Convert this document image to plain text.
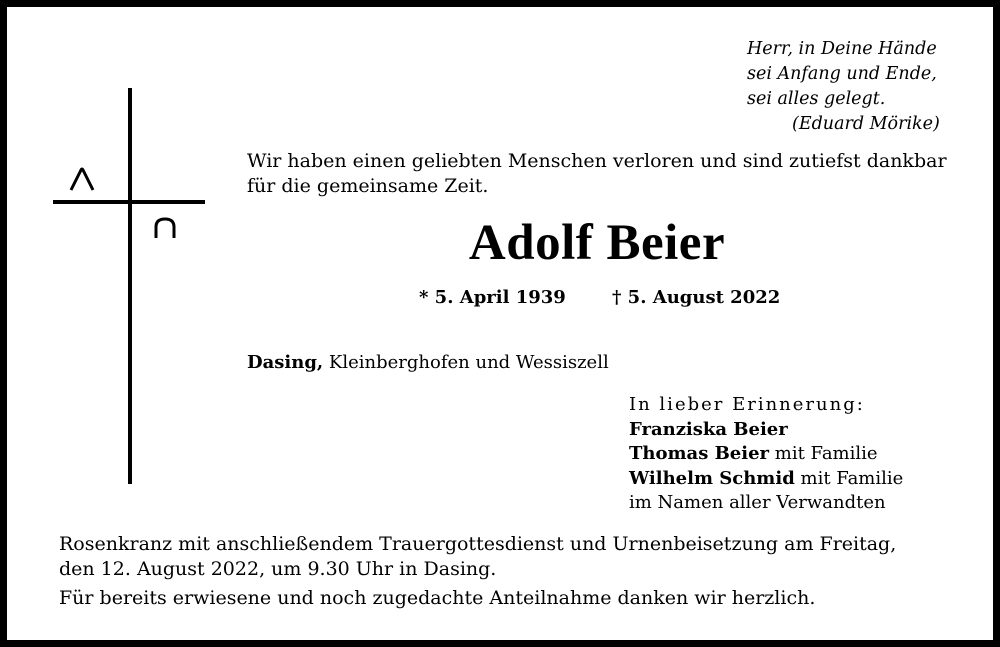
Herr, in Deine Hände
sei Anfang und Ende,
sei alles gelegt.
(Eduard Mörike)
Wir haben einen geliebten Menschen verloren und sind zutiefst dankbar für die gemeinsame Zeit.
Adolf Beier
* 5. April 1939	† 5. August 2022
Dasing, Kleinberghofen und Wessiszell
In lieber Erinnerung:
Franziska Beier
Thomas Beier mit Familie
Wilhelm Schmid mit Familie
im Namen aller Verwandten
Rosenkranz mit anschließendem Trauergottesdienst und Urnenbeisetzung am Freitag,
den 12. August 2022, um 9.30 Uhr in Dasing.
Für bereits erwiesene und noch zugedachte Anteilnahme danken wir herzlich.
